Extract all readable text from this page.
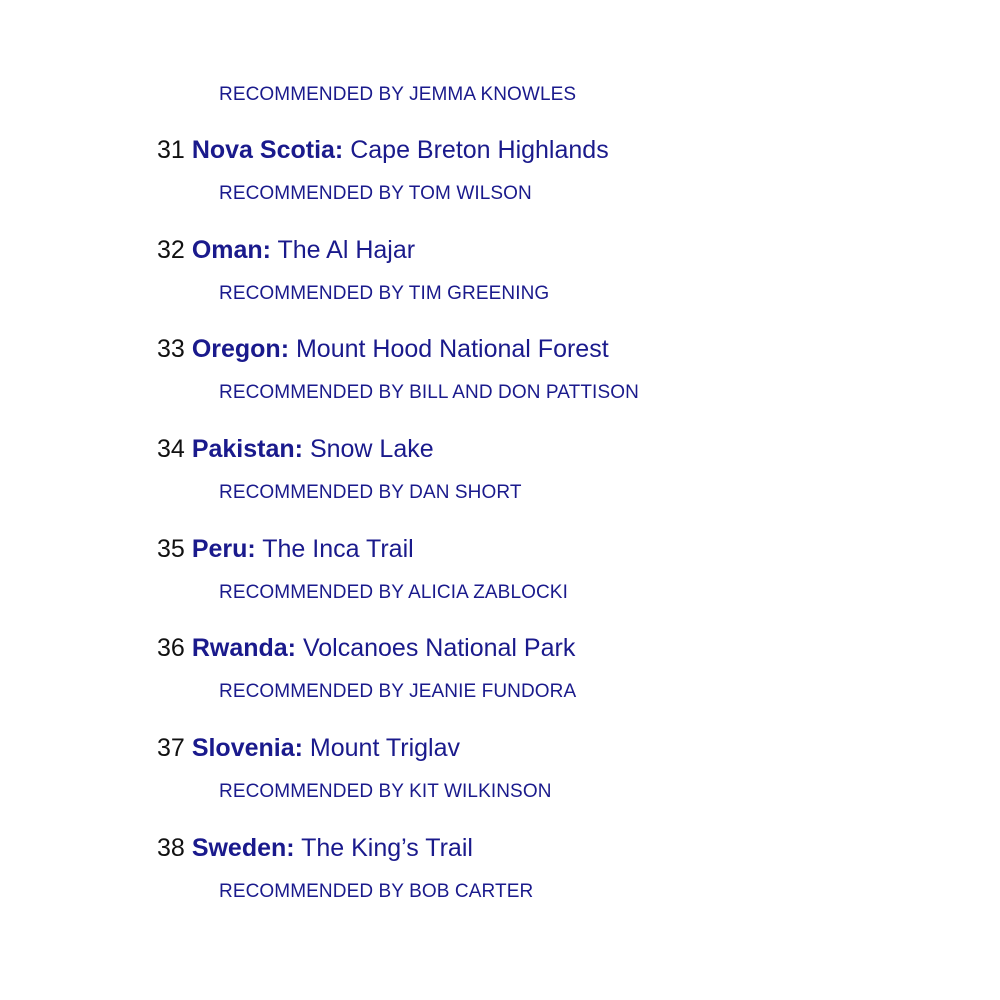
RECOMMENDED BY JEMMA KNOWLES
31 Nova Scotia: Cape Breton Highlands
RECOMMENDED BY TOM WILSON
32 Oman: The Al Hajar
RECOMMENDED BY TIM GREENING
33 Oregon: Mount Hood National Forest
RECOMMENDED BY BILL AND DON PATTISON
34 Pakistan: Snow Lake
RECOMMENDED BY DAN SHORT
35 Peru: The Inca Trail
RECOMMENDED BY ALICIA ZABLOCKI
36 Rwanda: Volcanoes National Park
RECOMMENDED BY JEANIE FUNDORA
37 Slovenia: Mount Triglav
RECOMMENDED BY KIT WILKINSON
38 Sweden: The King’s Trail
RECOMMENDED BY BOB CARTER
